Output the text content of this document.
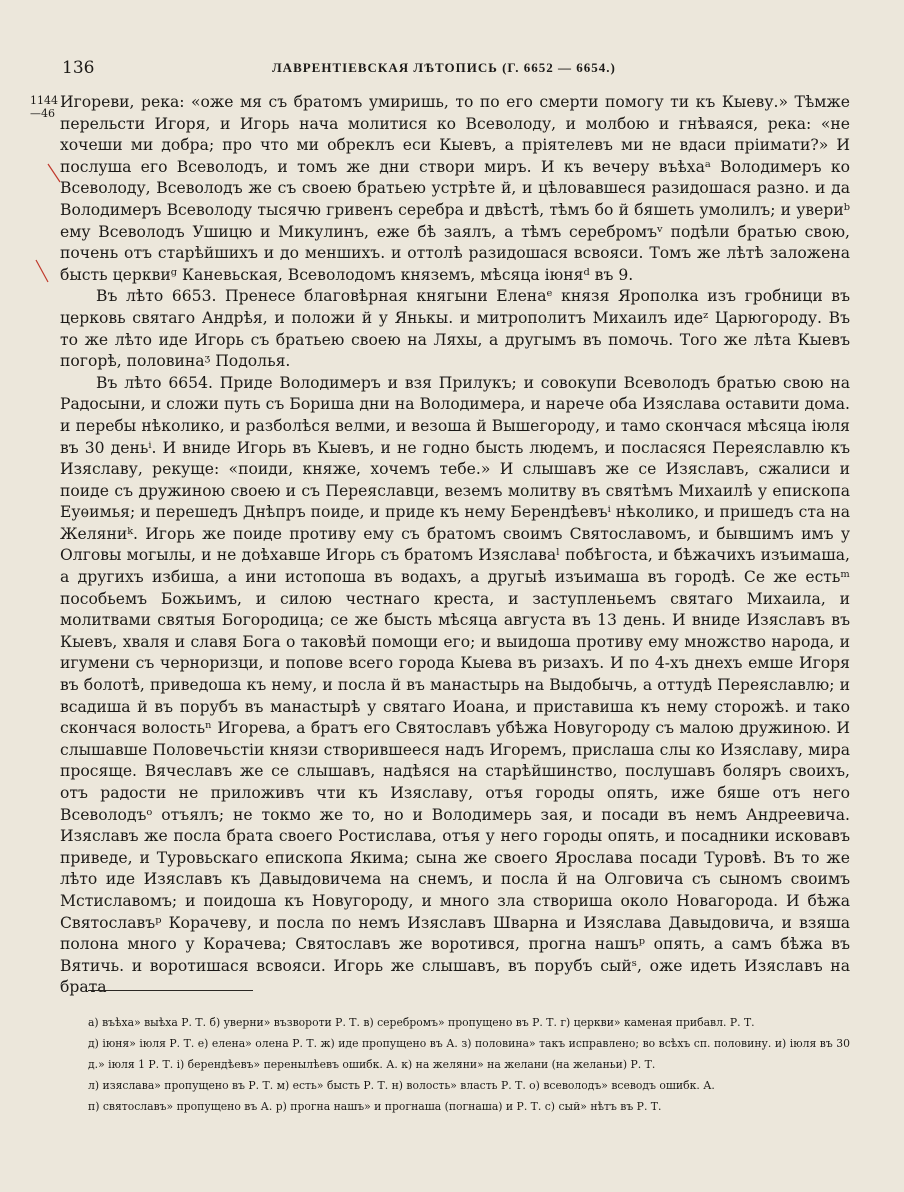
136	ЛАВРЕНТІЕВСКАЯ ЛѢТОПИСЬ (Г. 6652 — 6654.)
1144
—46

Игореви, река: «оже мя съ братомъ умиришь, то по его смерти помогу ти къ Кыеву.» Тѣмже перельсти Игоря, и Игорь нача молитися ко Всеволоду, и молбою и гнѣваяся, река: «не хочеши ми добра; про что ми обреклъ еси Кыевъ, а прiятелевъ ми не вдаси прiимати?» И послуша его Всеволодъ, и томъ же дни створи миръ. И къ вечеру въѣхаᵃ Володимеръ ко Всеволоду, Всеволодъ же съ своею братьею устрѣте й, и цѣловавшеся разидошася разно. и да Володимеръ Всеволоду тысячю гривенъ серебра и двѣстѣ, тѣмъ бо й бяшеть умолилъ; и увериᵇ ему Всеволодъ Ушицю и Микулинъ, еже бѣ заялъ, а тѣмъ серебромъᵛ подѣли братью свою, почень отъ старѣйшихъ и до меншихъ. и оттолѣ разидошася всвояси. Томъ же лѣтѣ заложена бысть церквиᵍ Каневьская, Всеволодомъ княземъ, мѣсяца iюняᵈ въ 9.

Въ лѣто 6653. Пренесе благовѣрная княгыни Еленаᵉ князя Ярополка изъ гробници въ церковь святаго Андрѣя, и положи й у Янькы. и митрополитъ Михаилъ идеᶻ Царюгороду. Въ то же лѣто иде Игорь съ братьею своею на Ляхы, а другымъ въ помочь. Того же лѣта Кыевъ погорѣ, половинаᶾ Подолья.

Въ лѣто 6654. Приде Володимеръ и взя Прилукъ; и совокупи Всеволодъ братью свою на Радосыни, и сложи путь съ Бориша дни на Володимера, и нарече оба Изяслава оставити дома. и перебы нѣколико, и разболѣся велми, и везоша й Вышегороду, и тамо скончася мѣсяца iюля въ 30 деньⁱ. И вниде Игорь въ Кыевъ, и не годно бысть людемъ, и посласяся Переяславлю къ Изяславу, рекуще: «поиди, княже, хочемъ тебе.» И слышавъ же се Изяславъ, сжалиси и поиде съ дружиною своею и съ Переяславци, веземъ молитву въ святѣмъ Михаилѣ у епископа Еуѳимья; и перешедъ Днѣпръ поиде, и приде къ нему Берендѣевъⁱ нѣколико, и пришедъ ста на Желяниᵏ. Игорь же поиде противу ему съ братомъ своимъ Святославомъ, и бывшимъ имъ у Олговы могылы, и не доѣхавше Игорь съ братомъ Изяславаˡ побѣгоста, и бѣжачихъ изъимаша, а другихъ избиша, а ини истопоша въ водахъ, а другыѣ изъимаша въ городѣ. Се же естьᵐ пособьемъ Божьимъ, и силою честнаго креста, и заступленьемъ святаго Михаила, и молитвами святыя Богородица; се же бысть мѣсяца августа въ 13 день. И вниде Изяславъ въ Кыевъ, хваля и славя Бога о таковѣй помощи его; и выидоша противу ему множство народа, и игумени съ черноризци, и попове всего города Кыева въ ризахъ. И по 4-хъ днехъ емше Игоря въ болотѣ, приведоша къ нему, и посла й въ манастырь на Выдобычь, а оттудѣ Переяславлю; и всадиша й въ порубъ въ манастырѣ у святаго Иоана, и приставиша къ нему сторожѣ. и тако скончася волостьⁿ Игорева, а братъ его Святославъ убѣжа Новугороду съ малою дружиною. И слышавше Половечьстiи князи створившееся надъ Игоремъ, прислаша слы ко Изяславу, мира просяще. Вячеславъ же се слышавъ, надѣяся на старѣйшинство, послушавъ боляръ своихъ, отъ радости не приложивъ чти къ Изяславу, отъя городы опять, иже бяше отъ него Всеволодъᵒ отъялъ; не токмо же то, но и Володимерь зая, и посади въ немъ Андреевича. Изяславъ же посла брата своего Ростислава, отъя у него городы опять, и посадники исковавъ приведе, и Туровьскаго епископа Якима; сына же своего Ярослава посади Туровѣ. Въ то же лѣто иде Изяславъ къ Давыдовичема на снемъ, и посла й на Олговича съ сыномъ своимъ Мстиславомъ; и поидоша къ Новугороду, и много зла створиша около Новагорода. И бѣжа Святославъᵖ Корачеву, и посла по немъ Изяславъ Шварна и Изяслава Давыдовича, и взяша полона много у Корачева; Святославъ же воротився, прогна нашъᵖ опять, а самъ бѣжа въ Вятичь. и воротишася всвояси. Игорь же слышавъ, въ порубъ сыйˢ, оже идеть Изяславъ на брата

а) въѣха» выѣха Р. Т. б) уверни» възвороти Р. Т. в) серебромъ» пропущено въ Р. Т. г) церкви» каменая прибавл. Р. Т.

д) iюня» iюля Р. Т. е) елена» олена Р. Т. ж) иде пропущено въ А. з) половина» такъ исправлено; во всѣхъ сп. половину. и) iюля въ 30 д.» iюля 1 Р. Т. i) берендѣевъ» перенылѣевъ ошибк. А. к) на желяни» на желани (на желаньи) Р. Т.

л) изяслава» пропущено въ Р. Т. м) есть» бысть Р. Т. н) волость» власть Р. Т. о) всеволодъ» всеводъ ошибк. А.

п) святославъ» пропущено въ А. р) прогна нашъ» и прогнаша (погнаша) и Р. Т. с) сый» нѣтъ въ Р. Т.
